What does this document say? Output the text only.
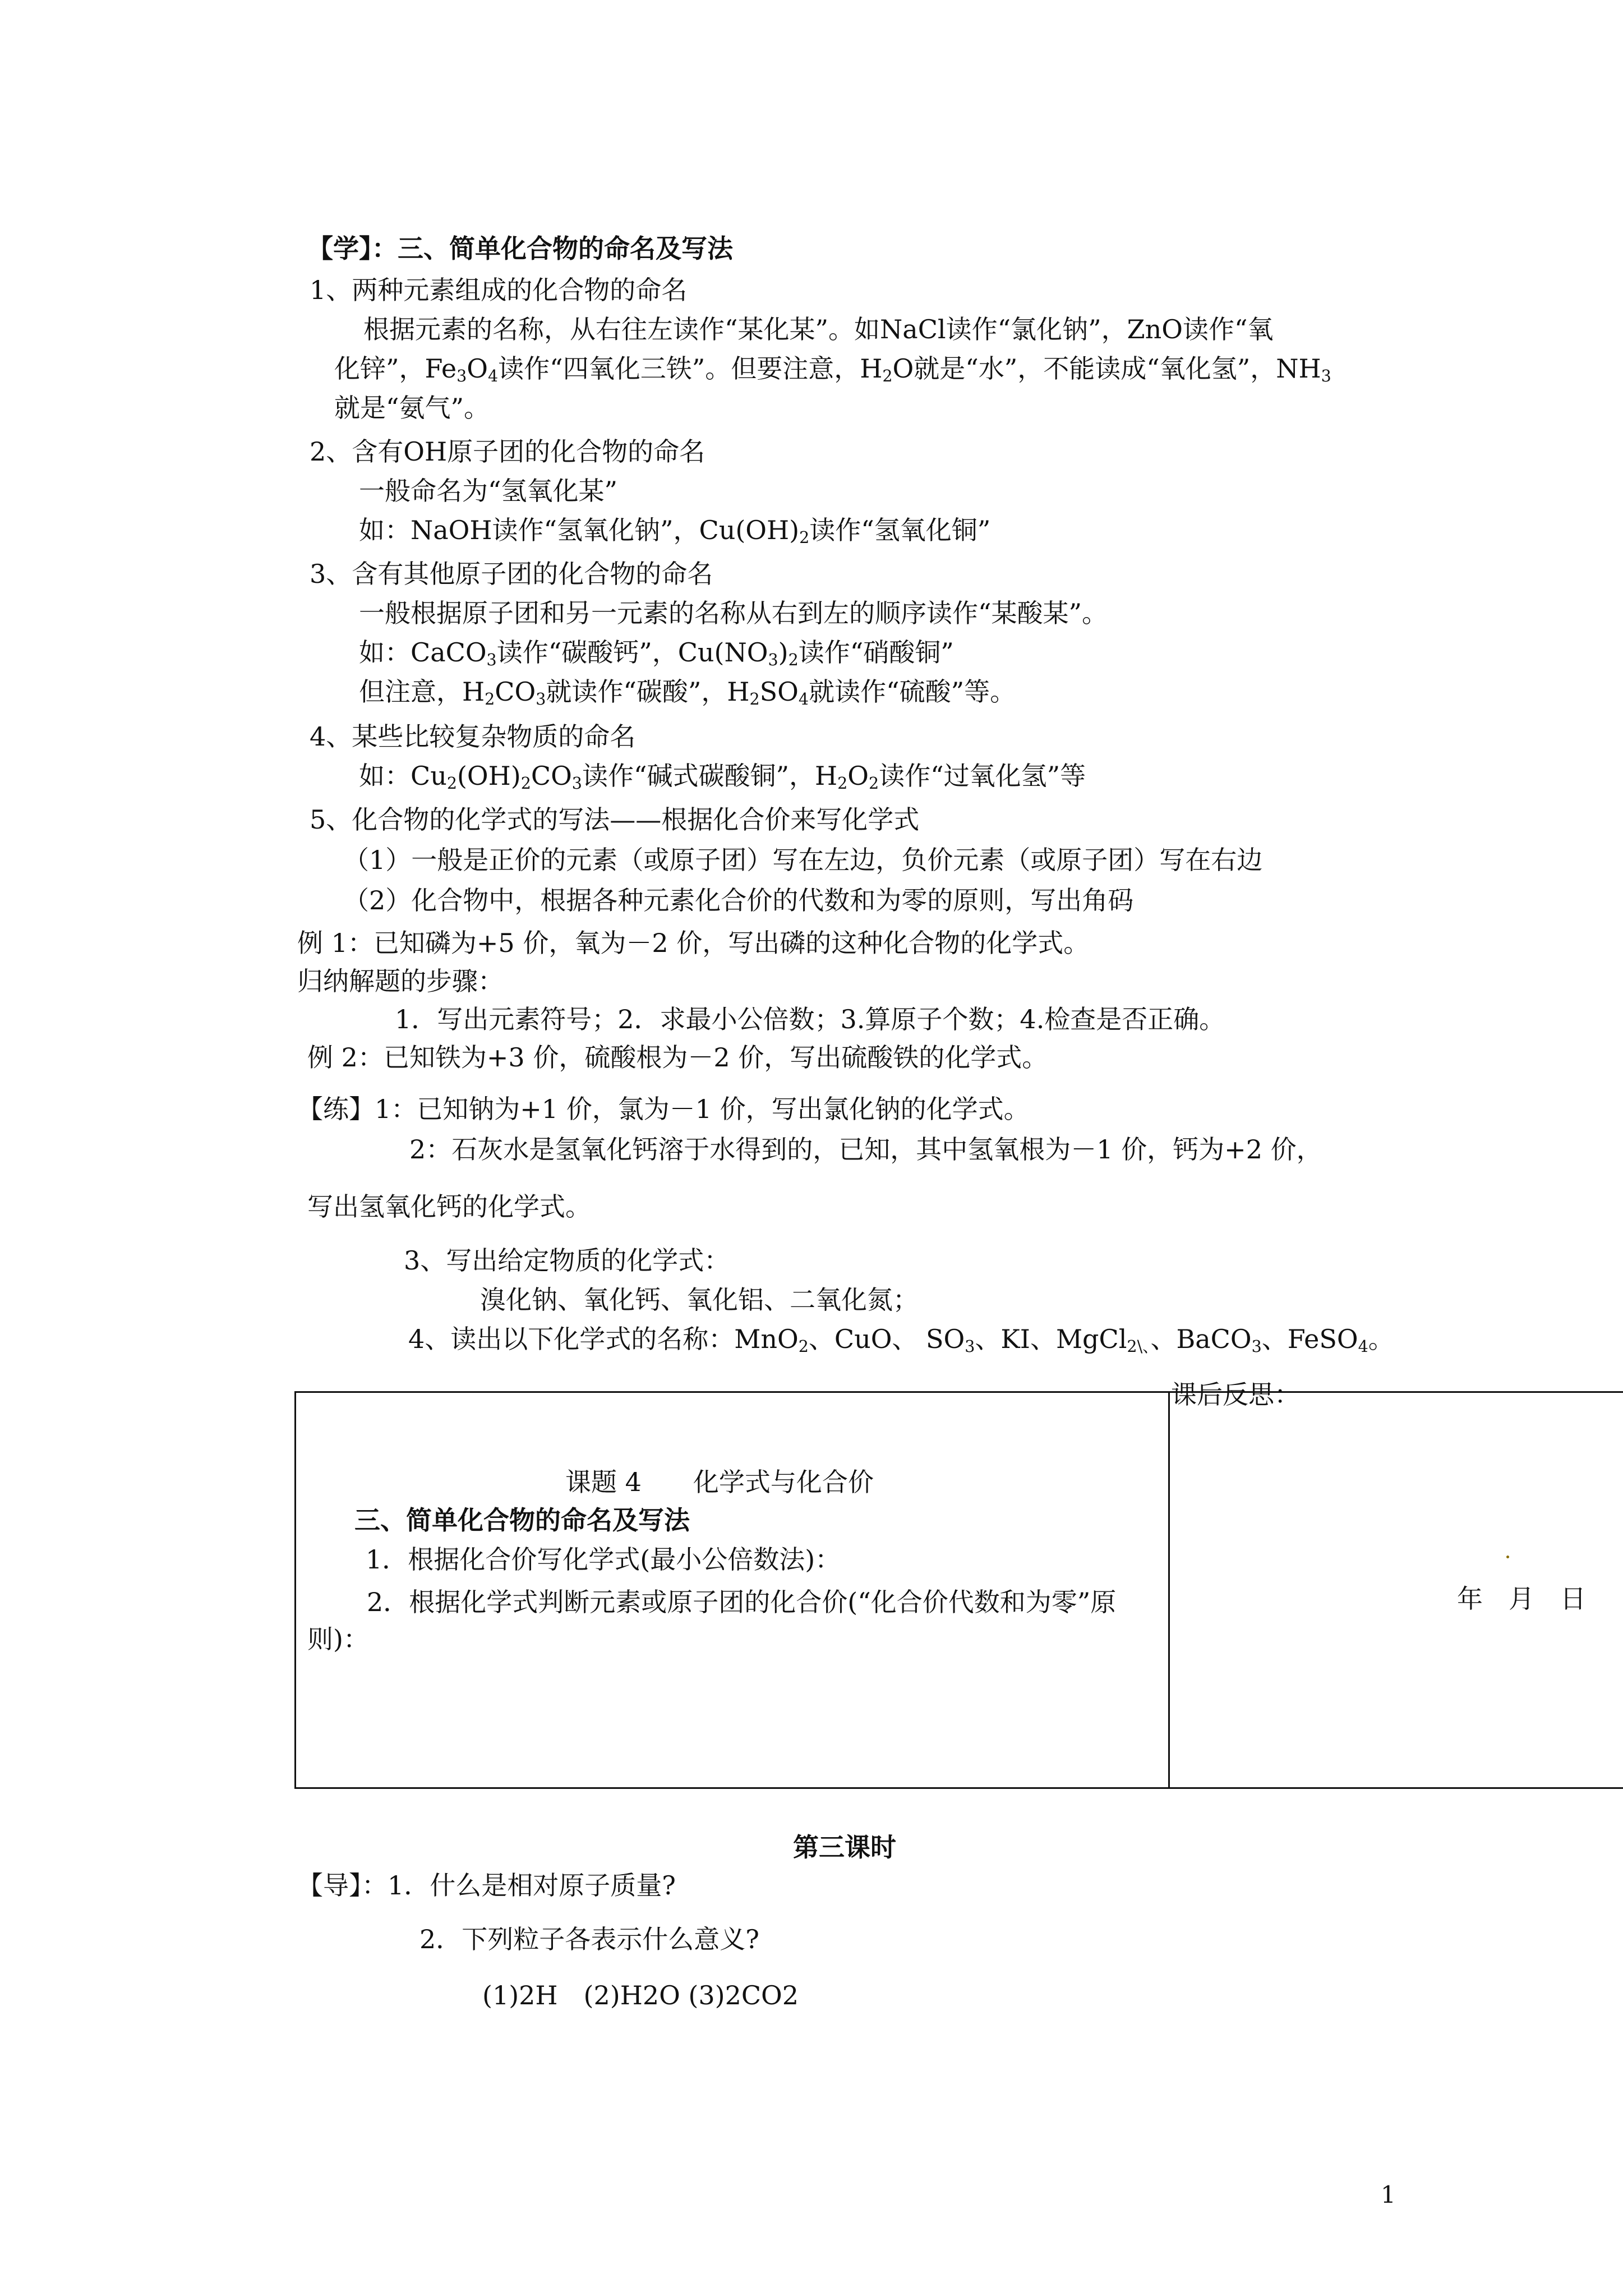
【学】：三、简单化合物的命名及写法
1、两种元素组成的化合物的命名
根据元素的名称，从右往左读作“某化某”。如NaCl读作“氯化钠”，ZnO读作“氧
化锌”，$Fe_3O_4$读作“四氧化三铁”。但要注意，$H_2O$就是“水”，不能读成“氧化氢”，$NH_3$
就是“氨气”。
2、含有OH原子团的化合物的命名
一般命名为“氢氧化某”
如：NaOH读作“氢氧化钠”，$Cu(OH)_2$读作“氢氧化铜”
3、含有其他原子团的化合物的命名
一般根据原子团和另一元素的名称从右到左的顺序读作“某酸某”。
如：CaCO$_3$读作“碳酸钙”，$Cu(NO_3)_2$读作“硝酸铜”
但注意，$H_2CO_3$就读作“碳酸”，$H_2SO_4$就读作“硫酸”等。
4、某些比较复杂物质的命名
如：$Cu_2(OH)_2CO_3$读作“碱式碳酸铜”，$H_2O_2$读作“过氧化氢”等
5、化合物的化学式的写法——根据化合价来写化学式
（1）一般是正价的元素（或原子团）写在左边，负价元素（或原子团）写在右边
（2）化合物中，根据各种元素化合价的代数和为零的原则，写出角码
例 1：已知磷为+5 价，氧为－2 价，写出磷的这种化合物的化学式。
归纳解题的步骤：
1．写出元素符号；2．求最小公倍数；3.算原子个数；4.检查是否正确。
例 2：已知铁为+3 价，硫酸根为－2 价，写出硫酸铁的化学式。
【练】1：已知钠为+1 价，氯为－1 价，写出氯化钠的化学式。
2：石灰水是氢氧化钙溶于水得到的，已知，其中氢氧根为－1 价，钙为+2 价，
写出氢氧化钙的化学式。
3、写出给定物质的化学式：
溴化钠、氧化钙、氧化铝、二氧化氮；
4、读出以下化学式的名称：MnO$_2$、CuO、 $SO_3$、KI、MgCl$_{2\backslash、}$、BaCO$_3$、FeSO$_4$。
课后反思：
课题 4　　化学式与化合价
三、简单化合物的命名及写法
1．根据化合价写化学式(最小公倍数法)：
2．根据化学式判断元素或原子团的化合价(“化合价代数和为零”原则)：
年　月　日
第三课时
【导】：1．什么是相对原子质量?
2．下列粒子各表示什么意义?
(1)2H　(2)H2O (3)2CO2
1
